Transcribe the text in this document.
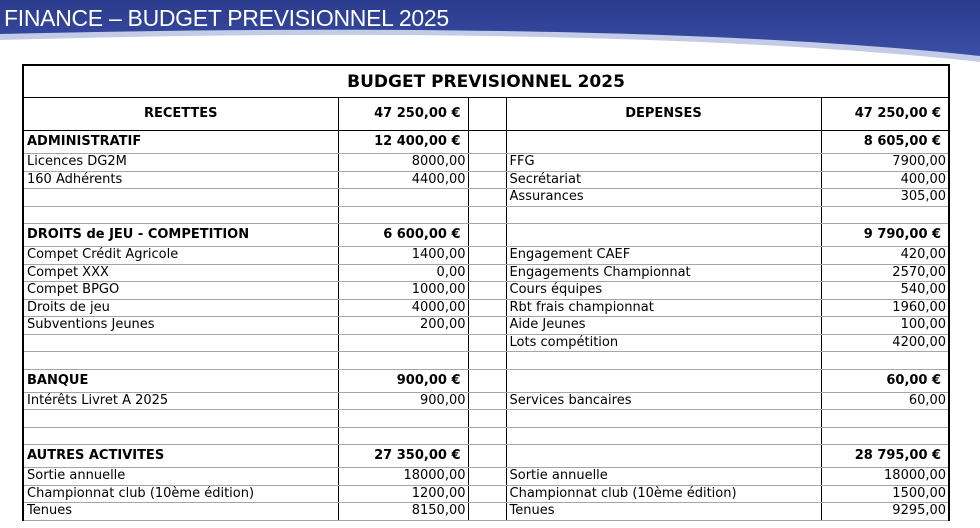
FINANCE – BUDGET PREVISIONNEL 2025
BUDGET PREVISIONNEL 2025				
RECETTES	47 250,00 €		DEPENSES	47 250,00 €
ADMINISTRATIF	12 400,00 €			8 605,00 €
Licences DG2M	8000,00		FFG	7900,00
160 Adhérents	4400,00		Secrétariat	400,00
			Assurances	305,00

DROITS de JEU - COMPETITION	6 600,00 €			9 790,00 €
Compet Crédit Agricole	1400,00		Engagement CAEF	420,00
Compet XXX	0,00		Engagements Championnat	2570,00
Compet BPGO	1000,00		Cours équipes	540,00
Droits de jeu	4000,00		Rbt frais championnat	1960,00
Subventions Jeunes	200,00		Aide Jeunes	100,00
			Lots compétition	4200,00

BANQUE	900,00 €			60,00 €
Intérêts Livret A 2025	900,00		Services bancaires	60,00

AUTRES ACTIVITES	27 350,00 €			28 795,00 €
Sortie annuelle	18000,00		Sortie annuelle	18000,00
Championnat club (10ème édition)	1200,00		Championnat club (10ème édition)	1500,00
Tenues	8150,00		Tenues	9295,00
